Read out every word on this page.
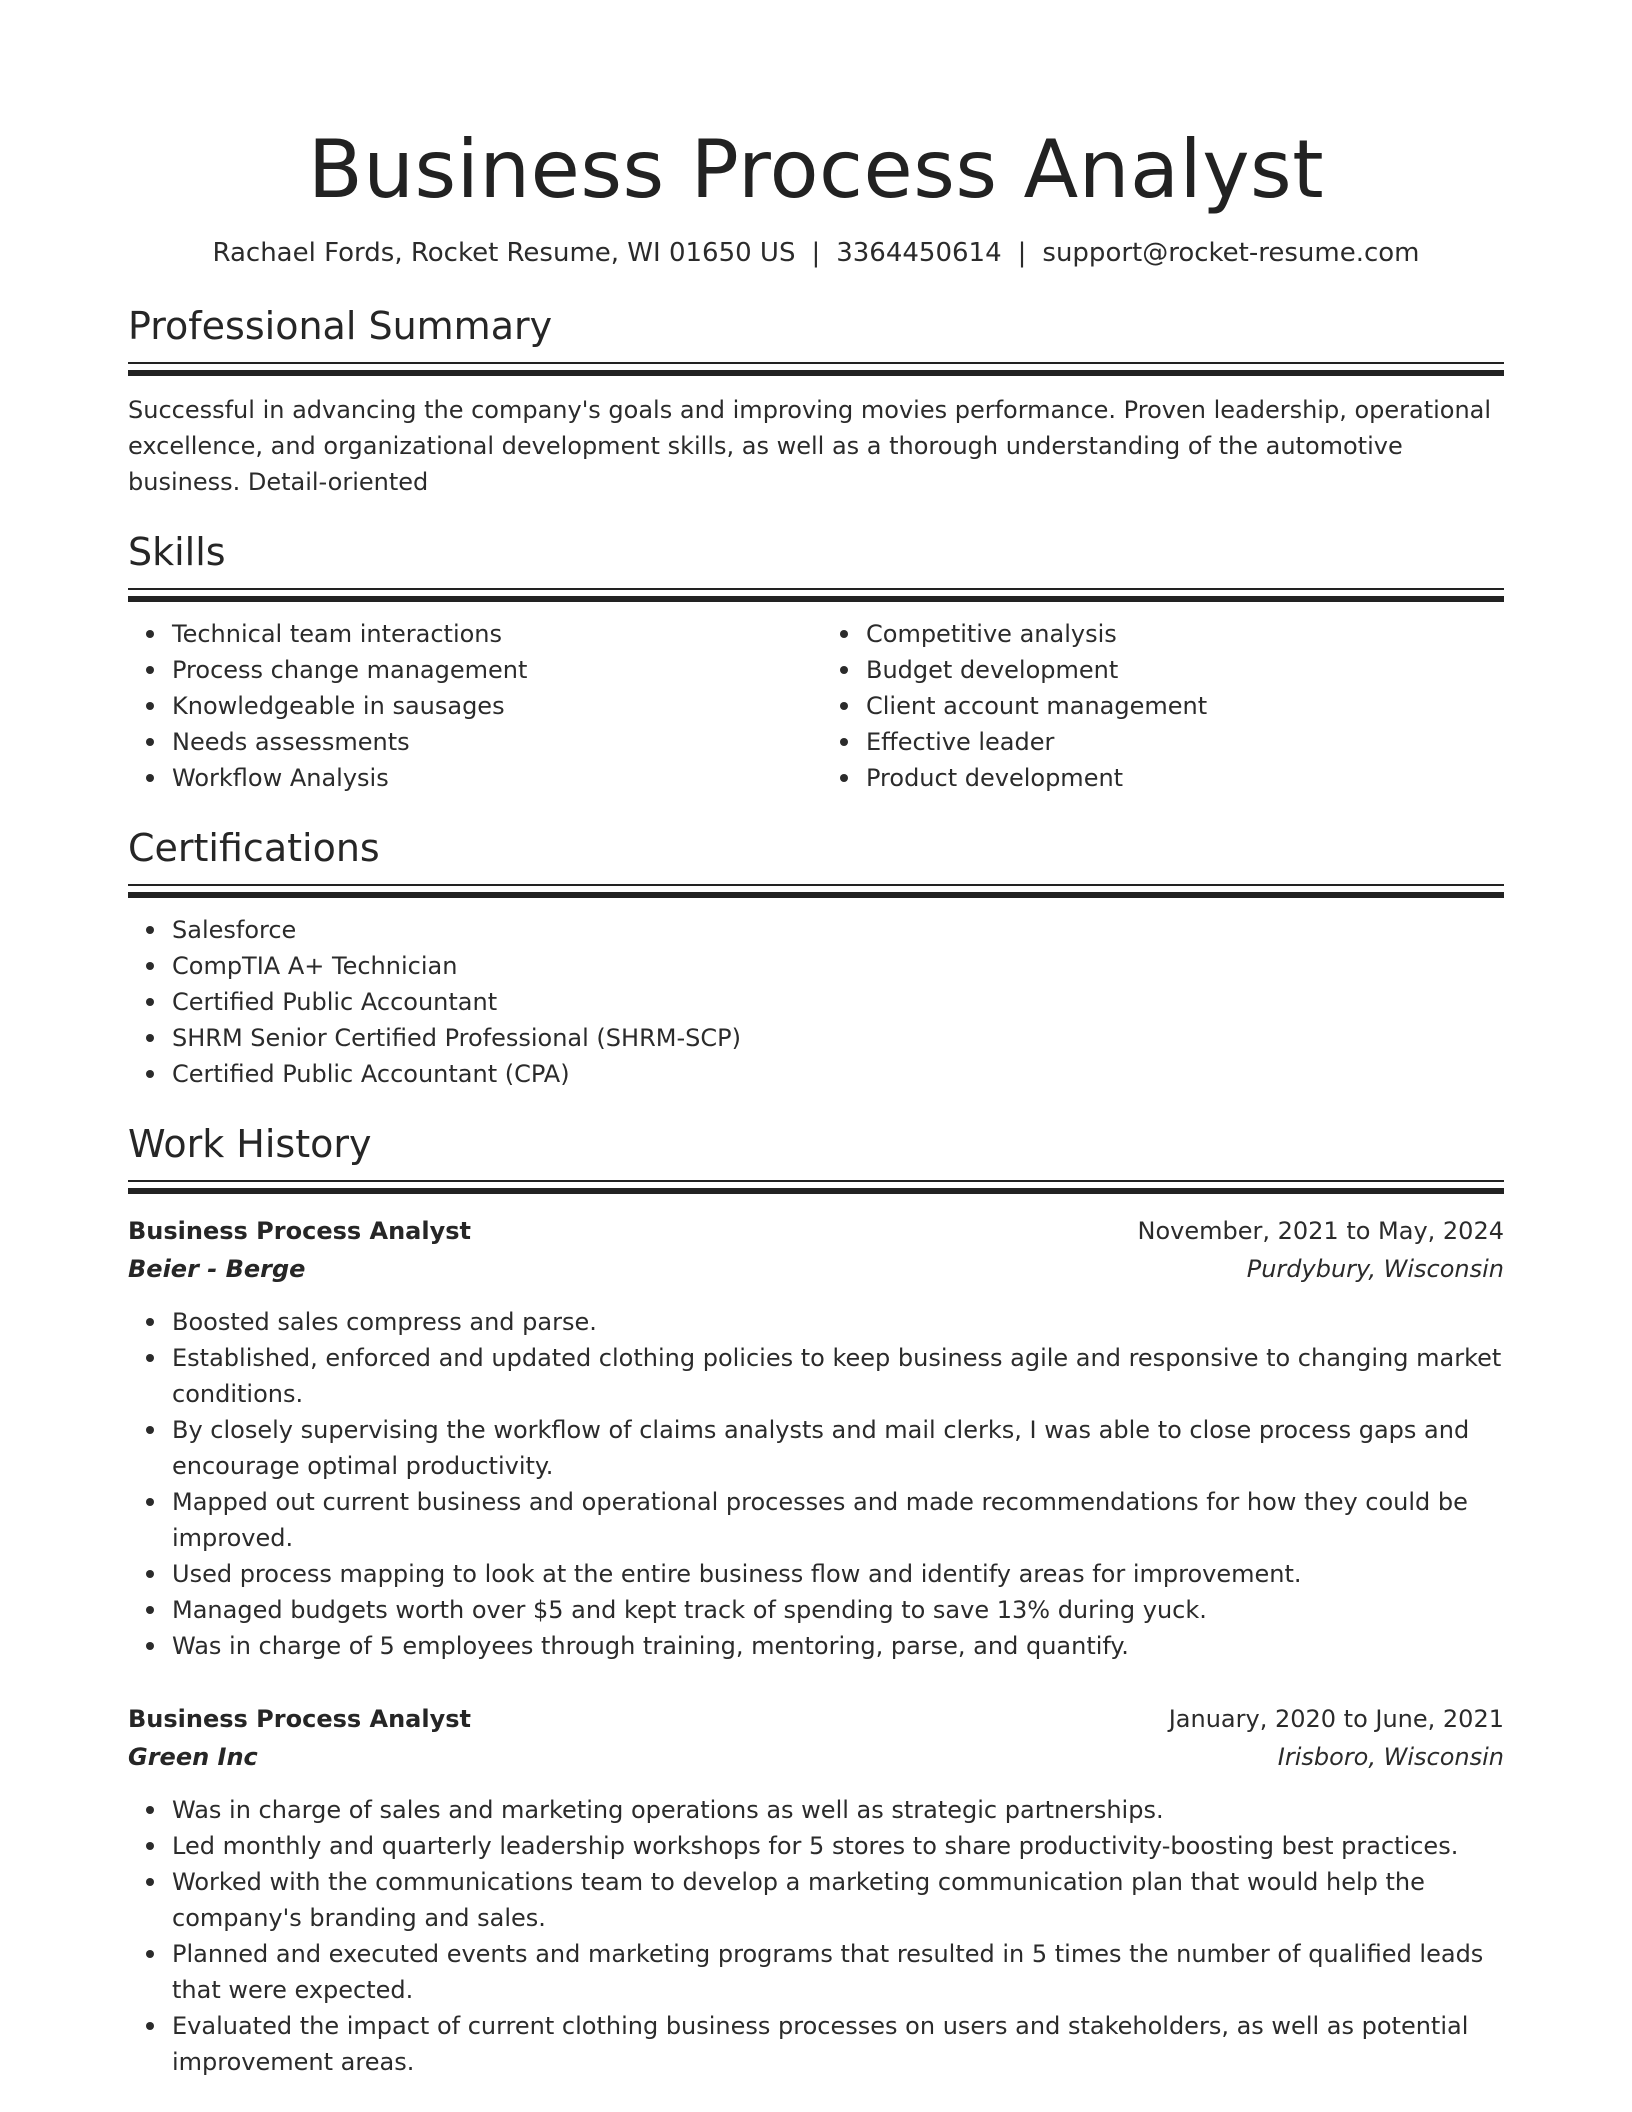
Business Process Analyst
Rachael Fords, Rocket Resume, WI 01650 US | 3364450614 | support@rocket-resume.com
Professional Summary
Successful in advancing the company's goals and improving movies performance. Proven leadership, operational excellence, and organizational development skills, as well as a thorough understanding of the automotive business. Detail-oriented
Skills
Technical team interactions
Process change management
Knowledgeable in sausages
Needs assessments
Workflow Analysis
Competitive analysis
Budget development
Client account management
Effective leader
Product development
Certifications
Salesforce
CompTIA A+ Technician
Certified Public Accountant
SHRM Senior Certified Professional (SHRM-SCP)
Certified Public Accountant (CPA)
Work History
Business Process Analyst	November, 2021 to May, 2024
Beier - Berge	Purdybury, Wisconsin
Boosted sales compress and parse.
Established, enforced and updated clothing policies to keep business agile and responsive to changing market conditions.
By closely supervising the workflow of claims analysts and mail clerks, I was able to close process gaps and encourage optimal productivity.
Mapped out current business and operational processes and made recommendations for how they could be improved.
Used process mapping to look at the entire business flow and identify areas for improvement.
Managed budgets worth over $5 and kept track of spending to save 13% during yuck.
Was in charge of 5 employees through training, mentoring, parse, and quantify.
Business Process Analyst	January, 2020 to June, 2021
Green Inc	Irisboro, Wisconsin
Was in charge of sales and marketing operations as well as strategic partnerships.
Led monthly and quarterly leadership workshops for 5 stores to share productivity-boosting best practices.
Worked with the communications team to develop a marketing communication plan that would help the company's branding and sales.
Planned and executed events and marketing programs that resulted in 5 times the number of qualified leads that were expected.
Evaluated the impact of current clothing business processes on users and stakeholders, as well as potential improvement areas.
